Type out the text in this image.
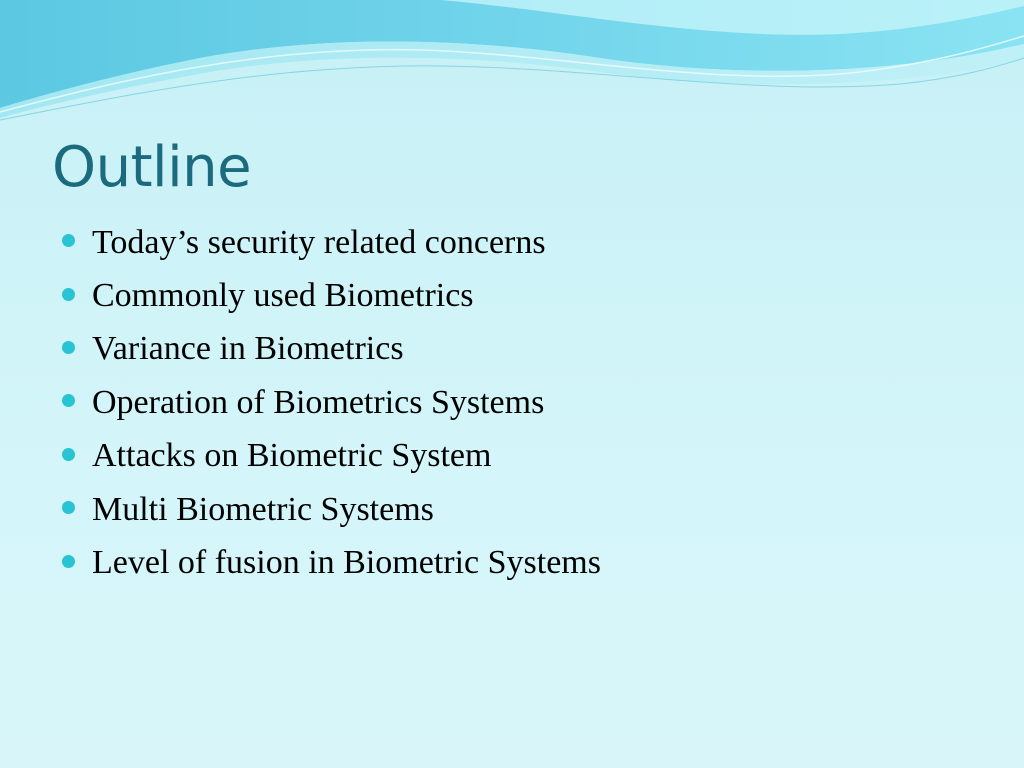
Outline
Today’s security related concerns
Commonly used Biometrics
Variance in Biometrics
Operation of Biometrics Systems
Attacks on Biometric System
Multi Biometric Systems
Level of fusion in Biometric Systems
